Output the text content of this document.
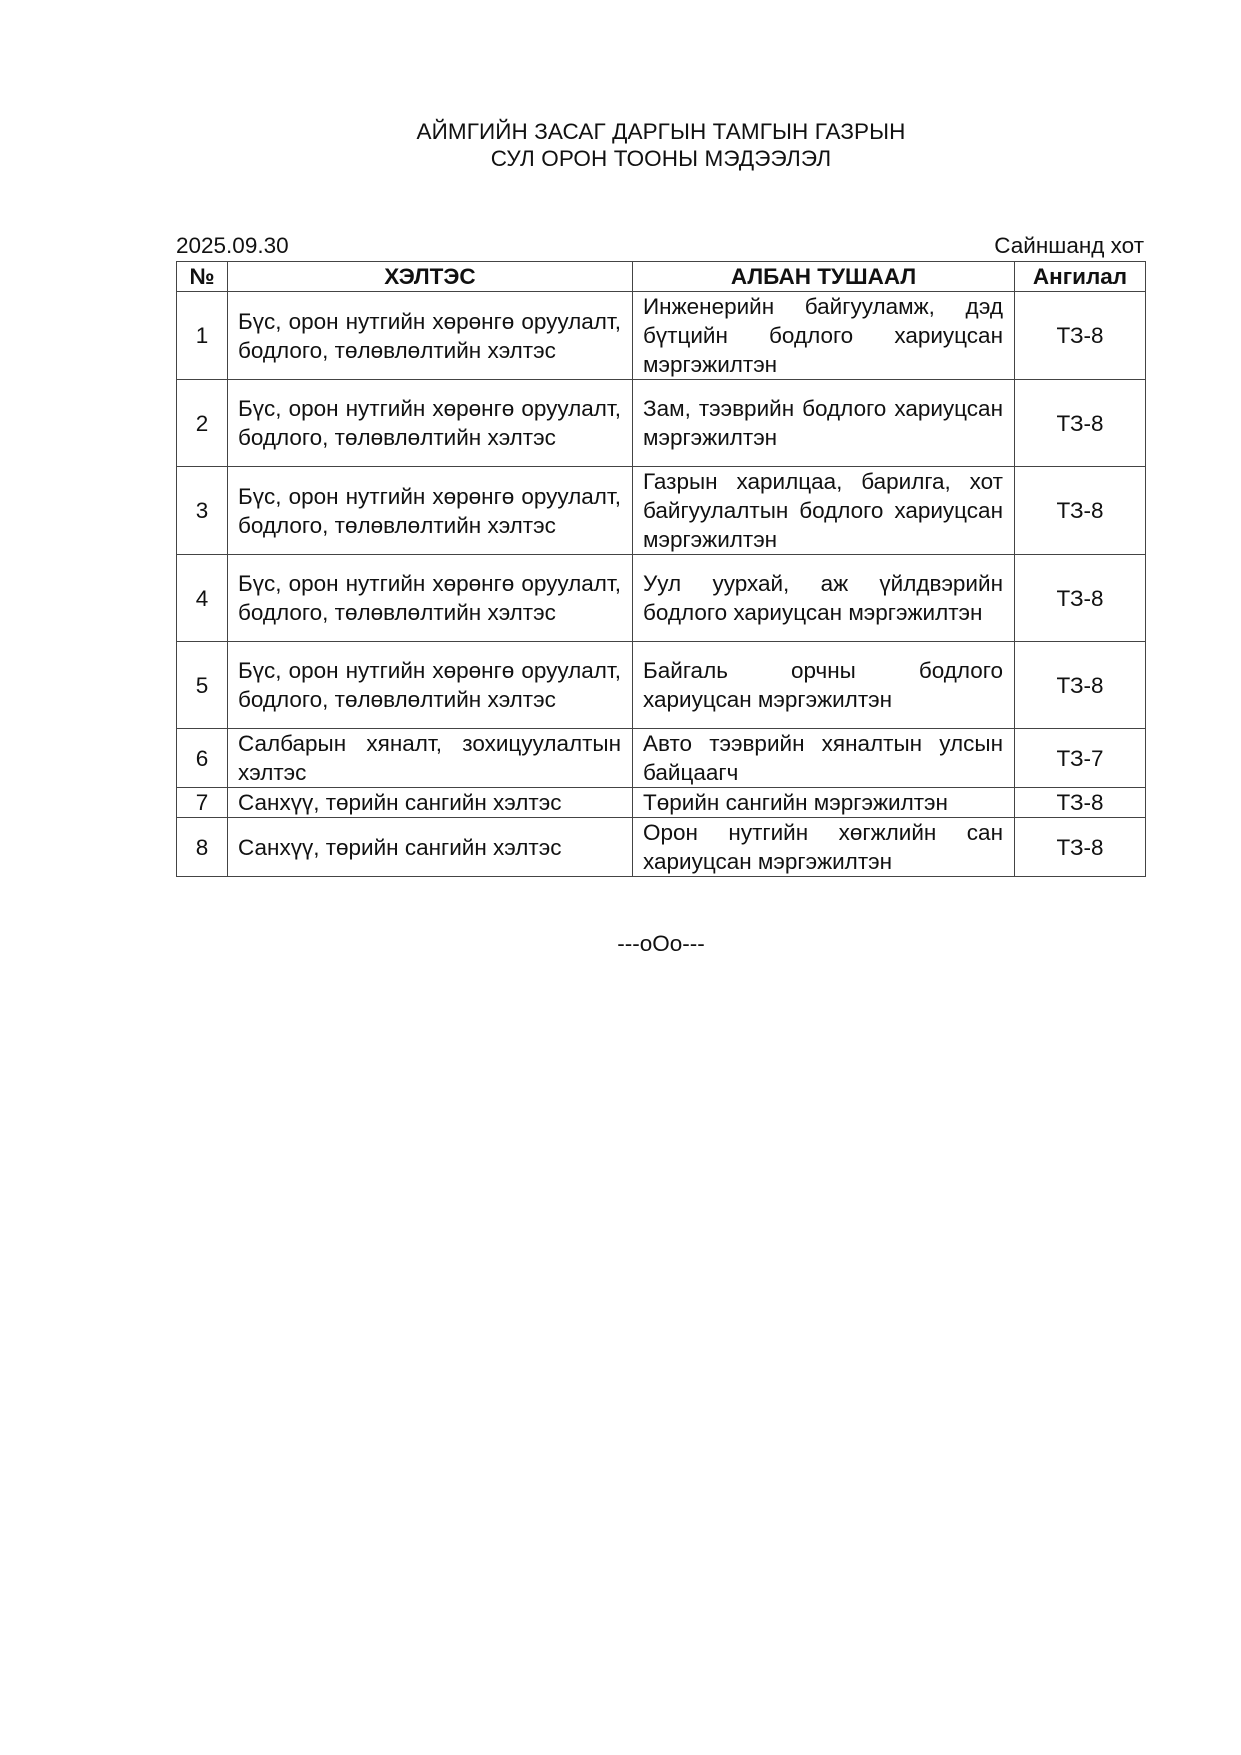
АЙМГИЙН ЗАСАГ ДАРГЫН ТАМГЫН ГАЗРЫН
СУЛ ОРОН ТООНЫ МЭДЭЭЛЭЛ
2025.09.30	Сайншанд хот
№	ХЭЛТЭС	АЛБАН ТУШААЛ	Ангилал
1	Бүс, орон нутгийн хөрөнгө оруулалт, бодлого, төлөвлөлтийн хэлтэс	Инженерийн байгууламж, дэд бүтцийн бодлого хариуцсан мэргэжилтэн	ТЗ-8
2	Бүс, орон нутгийн хөрөнгө оруулалт, бодлого, төлөвлөлтийн хэлтэс	Зам, тээврийн бодлого хариуцсан мэргэжилтэн	ТЗ-8
3	Бүс, орон нутгийн хөрөнгө оруулалт, бодлого, төлөвлөлтийн хэлтэс	Газрын харилцаа, барилга, хот байгуулалтын бодлого хариуцсан мэргэжилтэн	ТЗ-8
4	Бүс, орон нутгийн хөрөнгө оруулалт, бодлого, төлөвлөлтийн хэлтэс	Уул уурхай, аж үйлдвэрийн бодлого хариуцсан мэргэжилтэн	ТЗ-8
5	Бүс, орон нутгийн хөрөнгө оруулалт, бодлого, төлөвлөлтийн хэлтэс	Байгаль орчны бодлого хариуцсан мэргэжилтэн	ТЗ-8
6	Салбарын хяналт, зохицуулалтын хэлтэс	Авто тээврийн хяналтын улсын байцаагч	ТЗ-7
7	Санхүү, төрийн сангийн хэлтэс	Төрийн сангийн мэргэжилтэн	ТЗ-8
8	Санхүү, төрийн сангийн хэлтэс	Орон нутгийн хөгжлийн сан хариуцсан мэргэжилтэн	ТЗ-8
---oOo---
